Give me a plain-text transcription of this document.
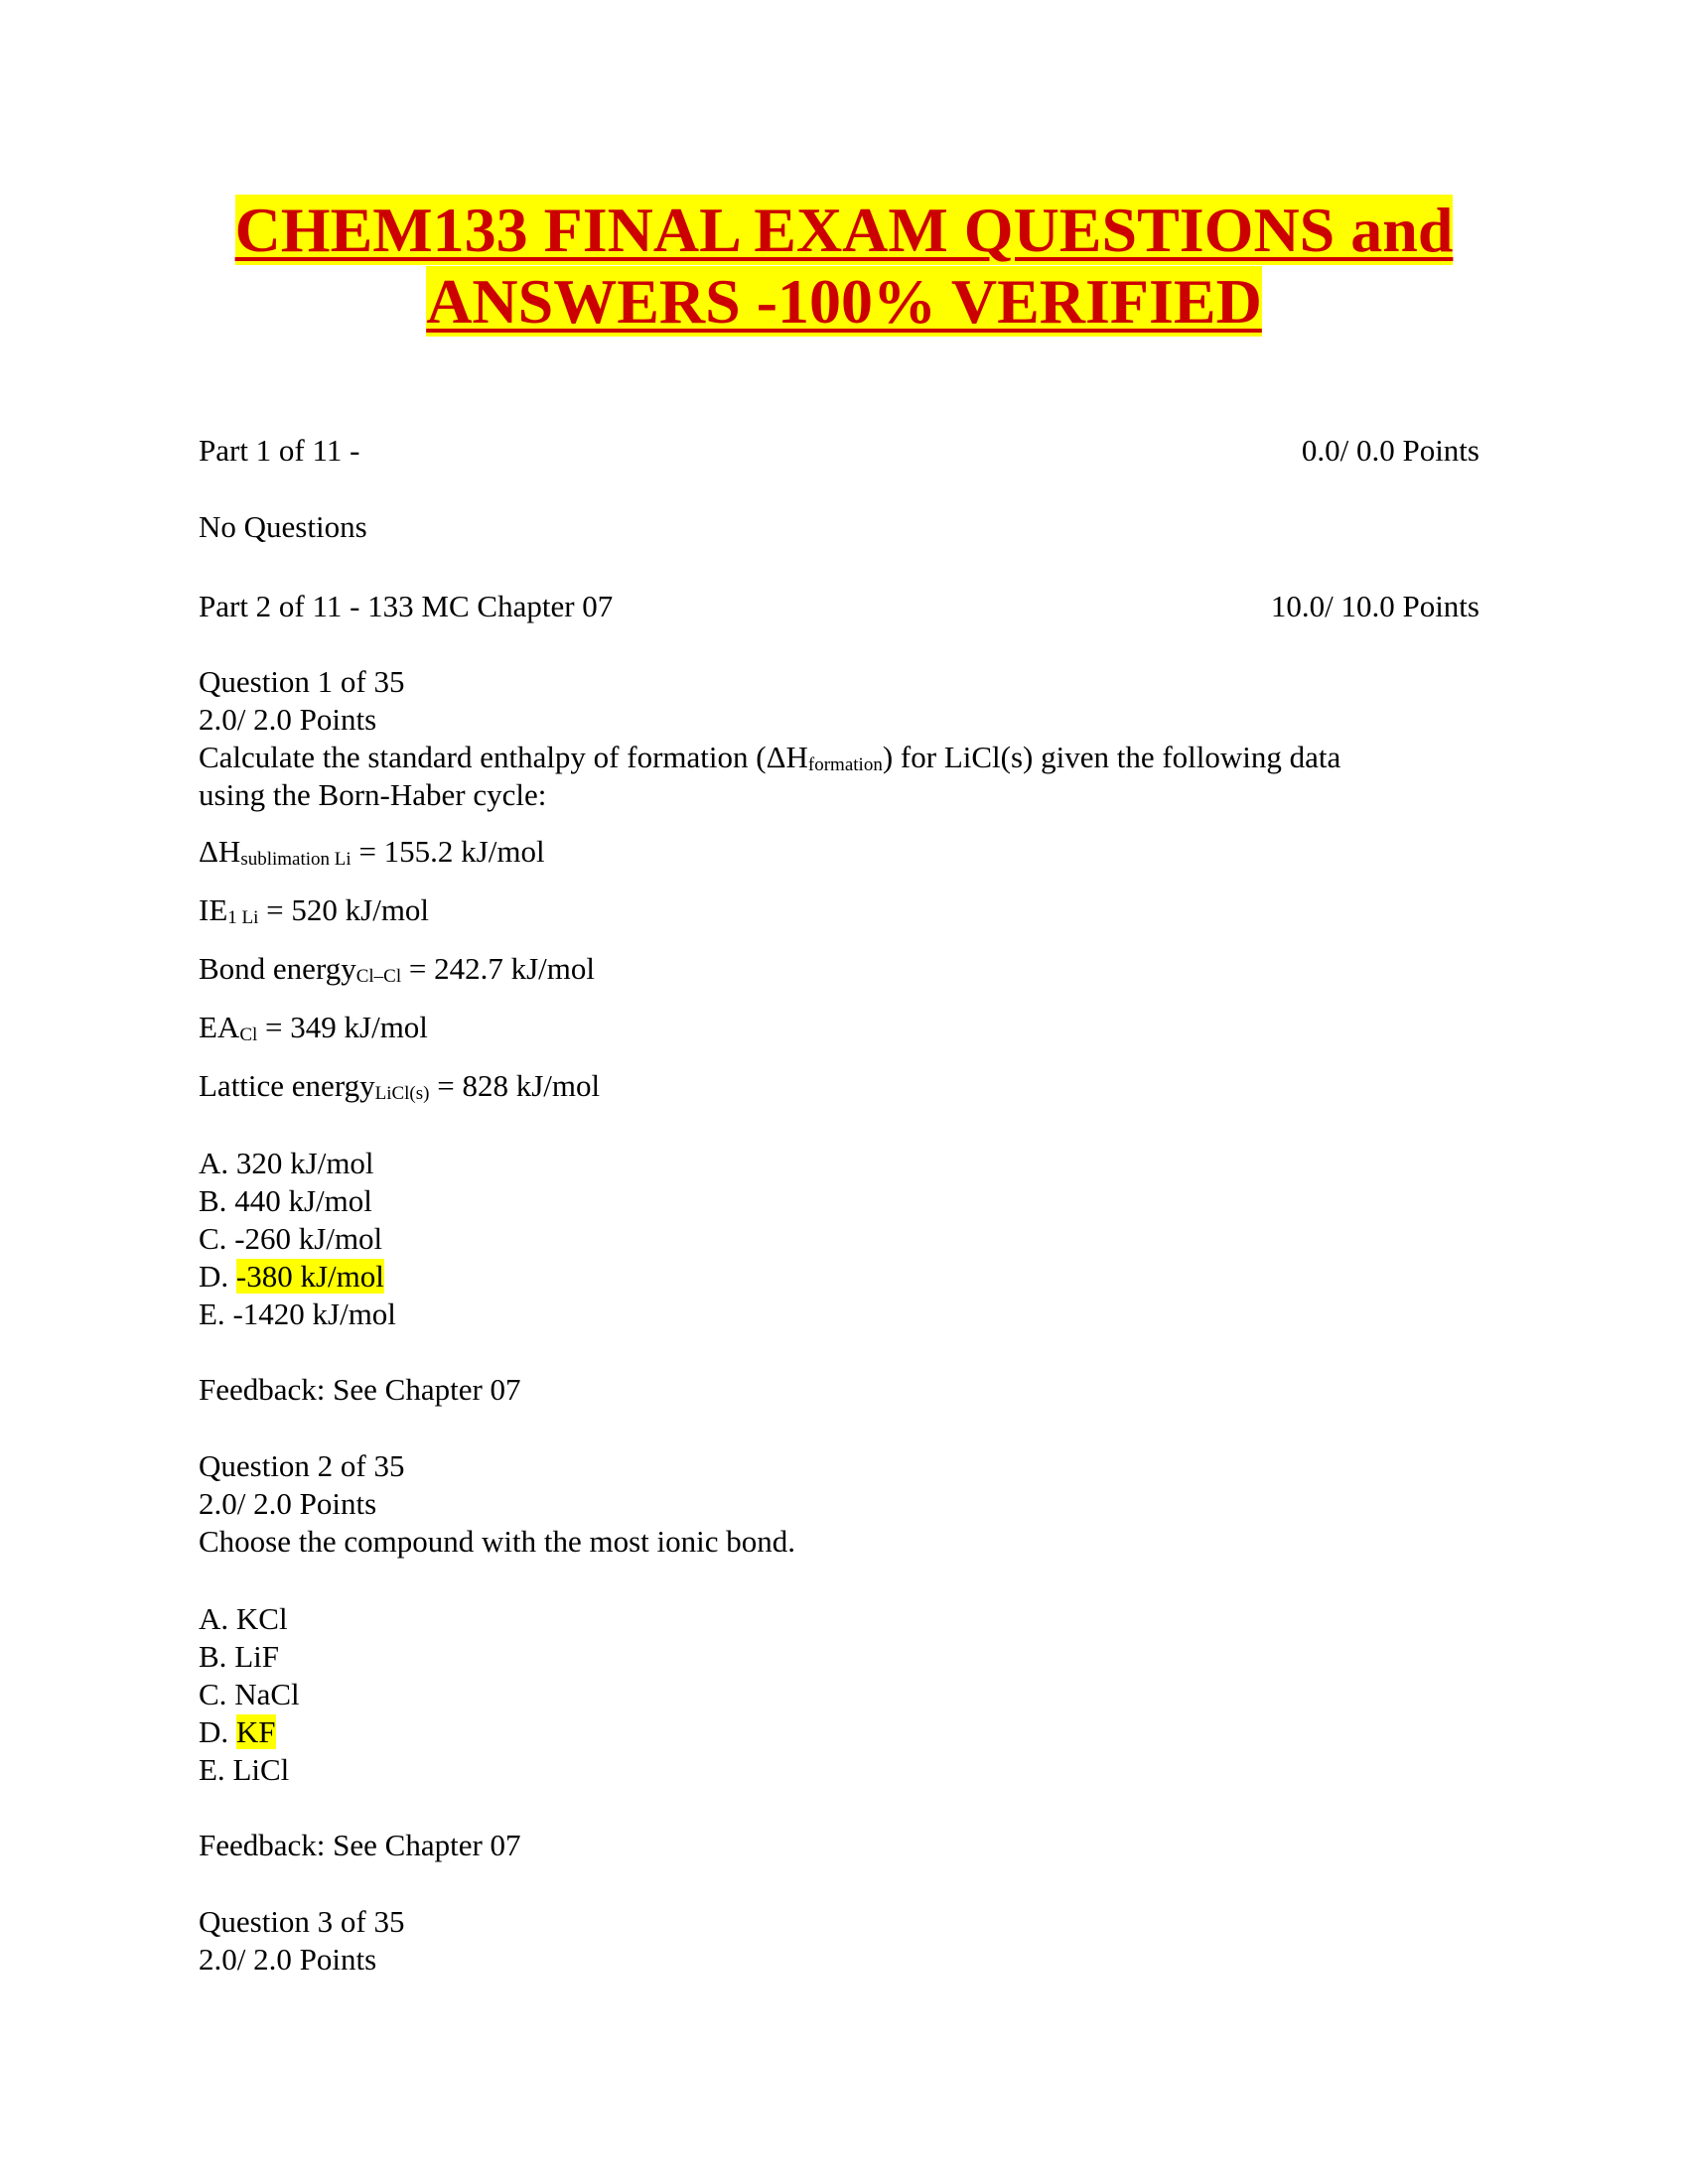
CHEM133 FINAL EXAM QUESTIONS and
ANSWERS -100% VERIFIED
Part 1 of 11 -	0.0/ 0.0 Points
No Questions
Part 2 of 11 - 133 MC Chapter 07	10.0/ 10.0 Points
Question 1 of 35
2.0/ 2.0 Points
Calculate the standard enthalpy of formation $(\Delta H_{formation})$ for LiCl(s) given the following data
using the Born-Haber cycle:
$\Delta H_{sublimation Li} = 155.2$ kJ/mol
$IE_{1 Li} = 520$ kJ/mol
Bond energy$_{Cl-Cl}$ = 242.7 kJ/mol
$EA_{Cl} = 349$ kJ/mol
Lattice energy$_{LiCl(s)}$ = 828 kJ/mol
A. 320 kJ/mol
B. 440 kJ/mol
C. -260 kJ/mol
D. -380 kJ/mol
E. -1420 kJ/mol
Feedback: See Chapter 07
Question 2 of 35
2.0/ 2.0 Points
Choose the compound with the most ionic bond.
A. KCl
B. LiF
C. NaCl
D. KF
E. LiCl
Feedback: See Chapter 07
Question 3 of 35
2.0/ 2.0 Points
